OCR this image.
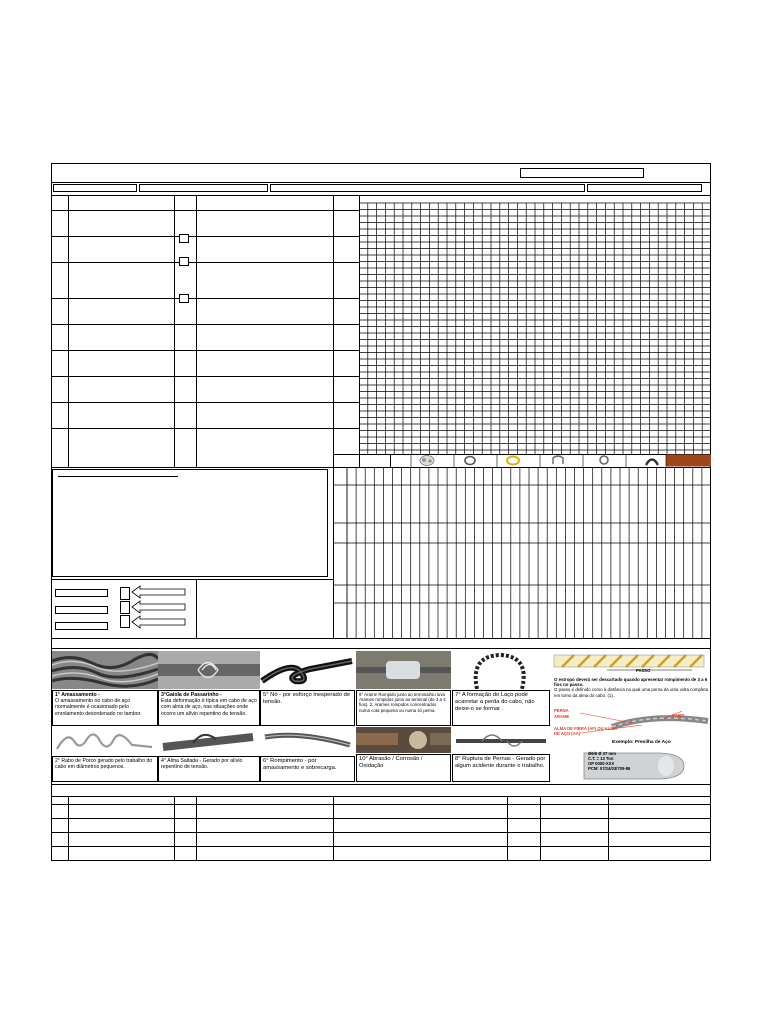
1° Amassamento -
O amassamento no cabo de aço normalmente é ocasionado pelo enrolamento desordenado no tambor.
3°Gaiola de Passarinho -
Esta deformação é típica em cabo de aço com alma de aço, nas situações onde ocorre um alívio repentino de tensão.
5° Nó - por esforço inesperado de tensão.
9° Arame Rompido junto ao terminal/ou luva Arames rompidos junto ao terminal (de 3 a 4 fios). 2. Arames rompidos concentrados numa cota pequena ou numa só perna.
7° A formação do Laço pode acarretar a perda do cabo, não deixe-o se formar .
2° Rabo de Porco gerado pelo trabalho do cabo em diâmetros pequenos.
4° Alma Saltada - Gerado por alívio repentino de tensão.
6° Rompimento - por amassamento e sobrecarga.
10° Abrasão / Corrosão / Oxidação
8° Ruptura de Pernas - Gerado por algum acidente durante o trabalho.
PASSO
O estropo deverá ser descartado quando apresentar rompimento de 3 a 6 fios no passo.
O passo é definido como à distância na qual uma perna da uma volta completa em torno da alma do cabo. (1).
PERNA
ARAME	CABO
ALMA DE FIBRA (AF) OU ALMA DE AÇO (AA)
Exemplo: Presilha de Aço
Ø6/6 Ø 37 mm
C.T. = 13 Ton
OP 0000-XXX
PCM: 07/24/03/709-86
